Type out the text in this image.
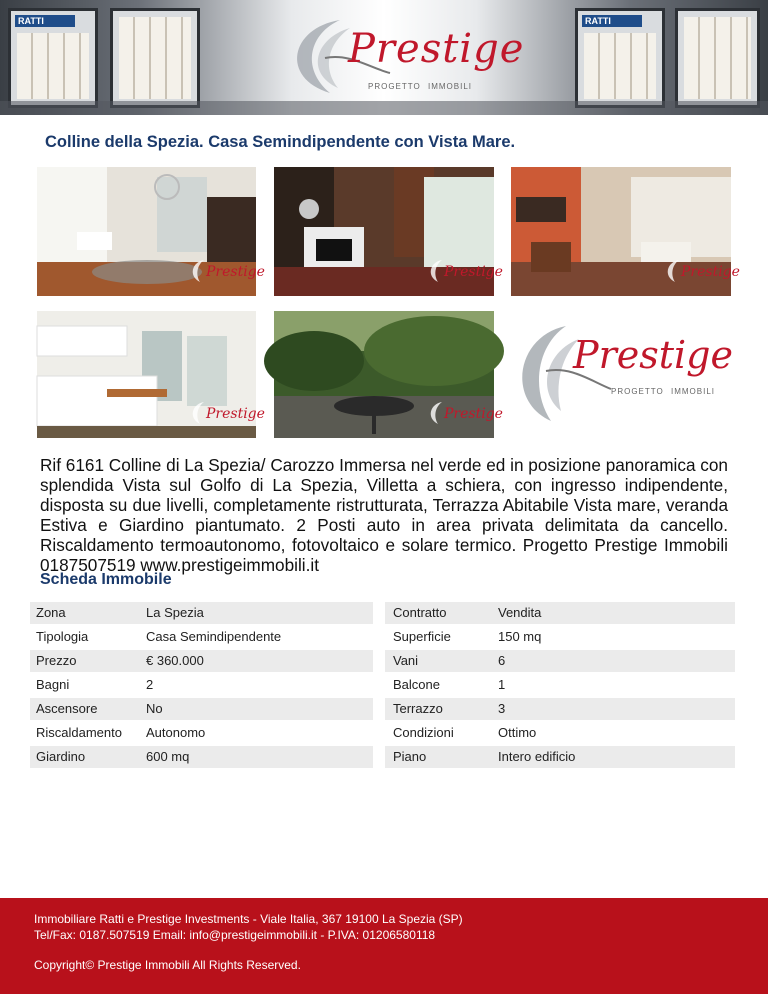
RATTI	RATTI
Prestige
PROGETTO IMMOBILI
Colline della Spezia. Casa Semindipendente con Vista Mare.
Prestige	Prestige	Prestige
Prestige	Prestige
Prestige
PROGETTO IMMOBILI
Rif 6161 Colline di La Spezia/ Carozzo Immersa nel verde ed in posizione panoramica con splendida Vista sul Golfo di La Spezia, Villetta a schiera, con ingresso indipendente, disposta su due livelli, completamente ristrutturata, Terrazza Abitabile Vista mare, veranda Estiva e Giardino piantumato. 2 Posti auto in area privata delimitata da cancello. Riscaldamento termoautonomo, fotovoltaico e solare termico. Progetto Prestige Immobili 0187507519 www.prestigeimmobili.it
Scheda Immobile
Zona	La Spezia	Contratto	Vendita
Tipologia	Casa Semindipendente	Superficie	150 mq
Prezzo	€ 360.000	Vani	6
Bagni	2	Balcone	1
Ascensore	No	Terrazzo	3
Riscaldamento	Autonomo	Condizioni	Ottimo
Giardino	600 mq	Piano	Intero edificio
Immobiliare Ratti e Prestige Investments - Viale Italia, 367 19100 La Spezia (SP)
Tel/Fax: 0187.507519 Email: info@prestigeimmobili.it - P.IVA: 01206580118
Copyright© Prestige Immobili All Rights Reserved.
